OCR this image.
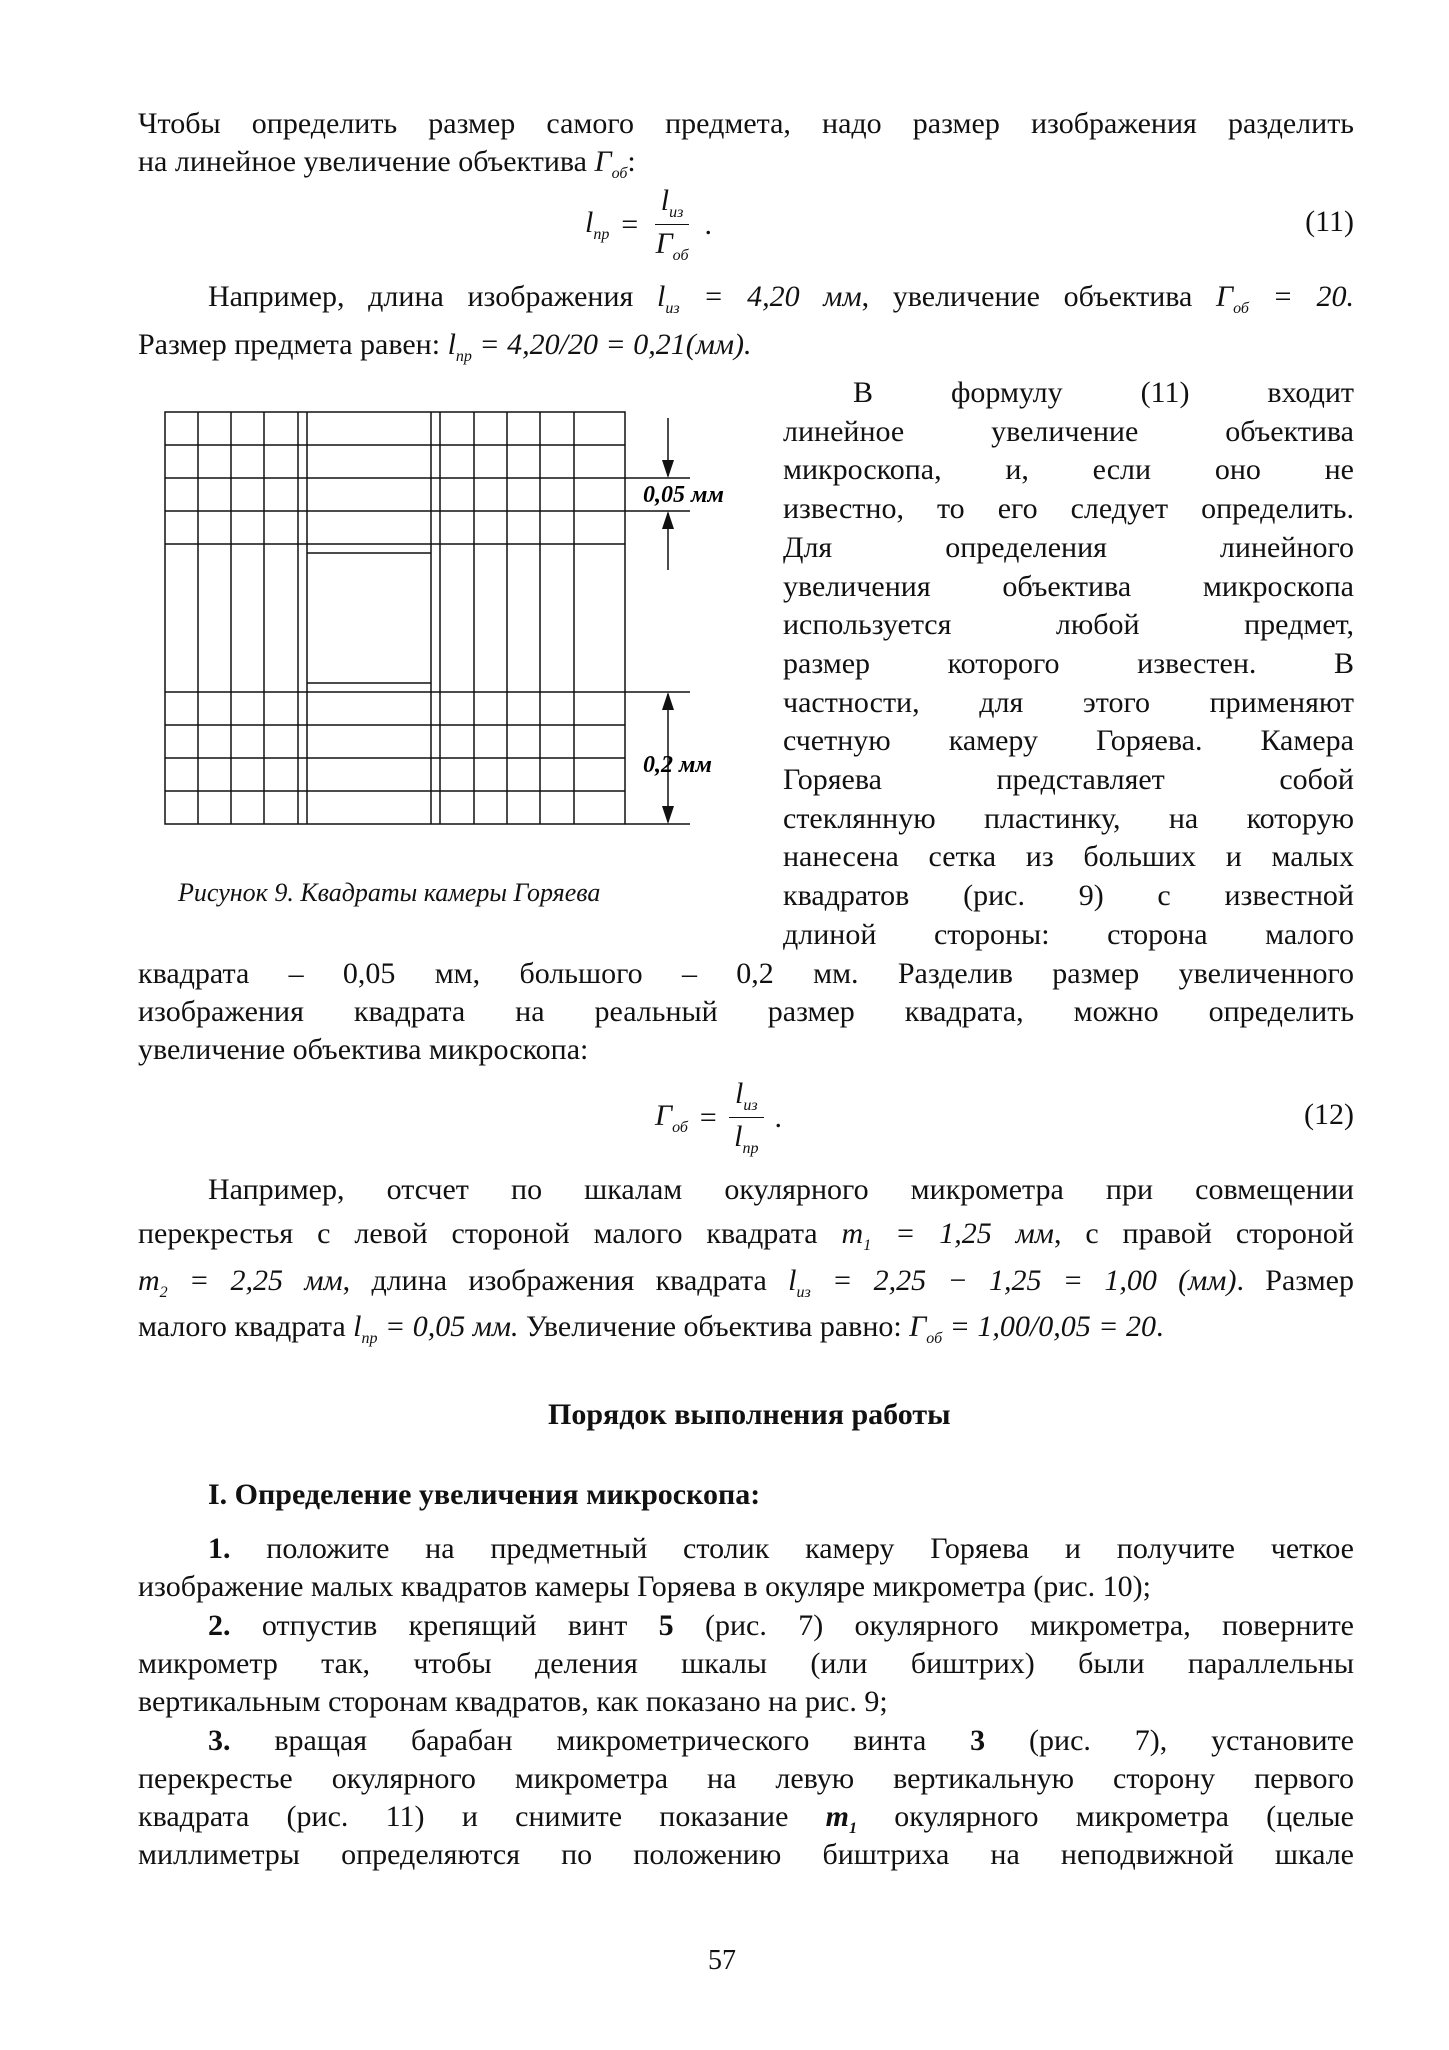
Чтобы определить размер самого предмета, надо размер изображения разделить
на линейное увеличение объектива $\Gamma_{об}$:
$l_{пр} = \frac{l_{из}}{\Gamma_{об}}$ .	(11)
Например, длина изображения $l_{из} = 4,20$ мм, увеличение объектива $\Gamma_{об} = 20$.
Размер предмета равен: $l_{пр} = 4,20/20 = 0,21(мм)$.
0,05 мм
0,2 мм
Рисунок 9. Квадраты камеры Горяева
В формулу (11) входит
линейное увеличение объектива
микроскопа, и, если оно не
известно, то его следует определить.
Для определения линейного
увеличения объектива микроскопа
используется любой предмет,
размер которого известен. В
частности, для этого применяют
счетную камеру Горяева. Камера
Горяева представляет собой
стеклянную пластинку, на которую
нанесена сетка из больших и малых
квадратов (рис. 9) с известной
длиной стороны: сторона малого
квадрата – 0,05 мм, большого – 0,2 мм. Разделив размер увеличенного
изображения квадрата на реальный размер квадрата, можно определить
увеличение объектива микроскопа:
$\Gamma_{об} = \frac{l_{из}}{l_{пр}}$ .	(12)
Например, отсчет по шкалам окулярного микрометра при совмещении
перекрестья с левой стороной малого квадрата $m_1 = 1,25$ мм, с правой стороной
$m_2 = 2,25$ мм, длина изображения квадрата $l_{из} = 2,25 - 1,25 = 1,00$ (мм). Размер
малого квадрата $l_{пр} = 0,05$ мм. Увеличение объектива равно: $\Gamma_{об} = 1,00/0,05 = 20$.
Порядок выполнения работы
I. Определение увеличения микроскопа:
1. положите на предметный столик камеру Горяева и получите четкое
изображение малых квадратов камеры Горяева в окуляре микрометра (рис. 10);
2. отпустив крепящий винт 5 (рис. 7) окулярного микрометра, поверните
микрометр так, чтобы деления шкалы (или биштрих) были параллельны
вертикальным сторонам квадратов, как показано на рис. 9;
3. вращая барабан микрометрического винта 3 (рис. 7), установите
перекрестье окулярного микрометра на левую вертикальную сторону первого
квадрата (рис. 11) и снимите показание $m_1$ окулярного микрометра (целые
миллиметры определяются по положению биштриха на неподвижной шкале
57
